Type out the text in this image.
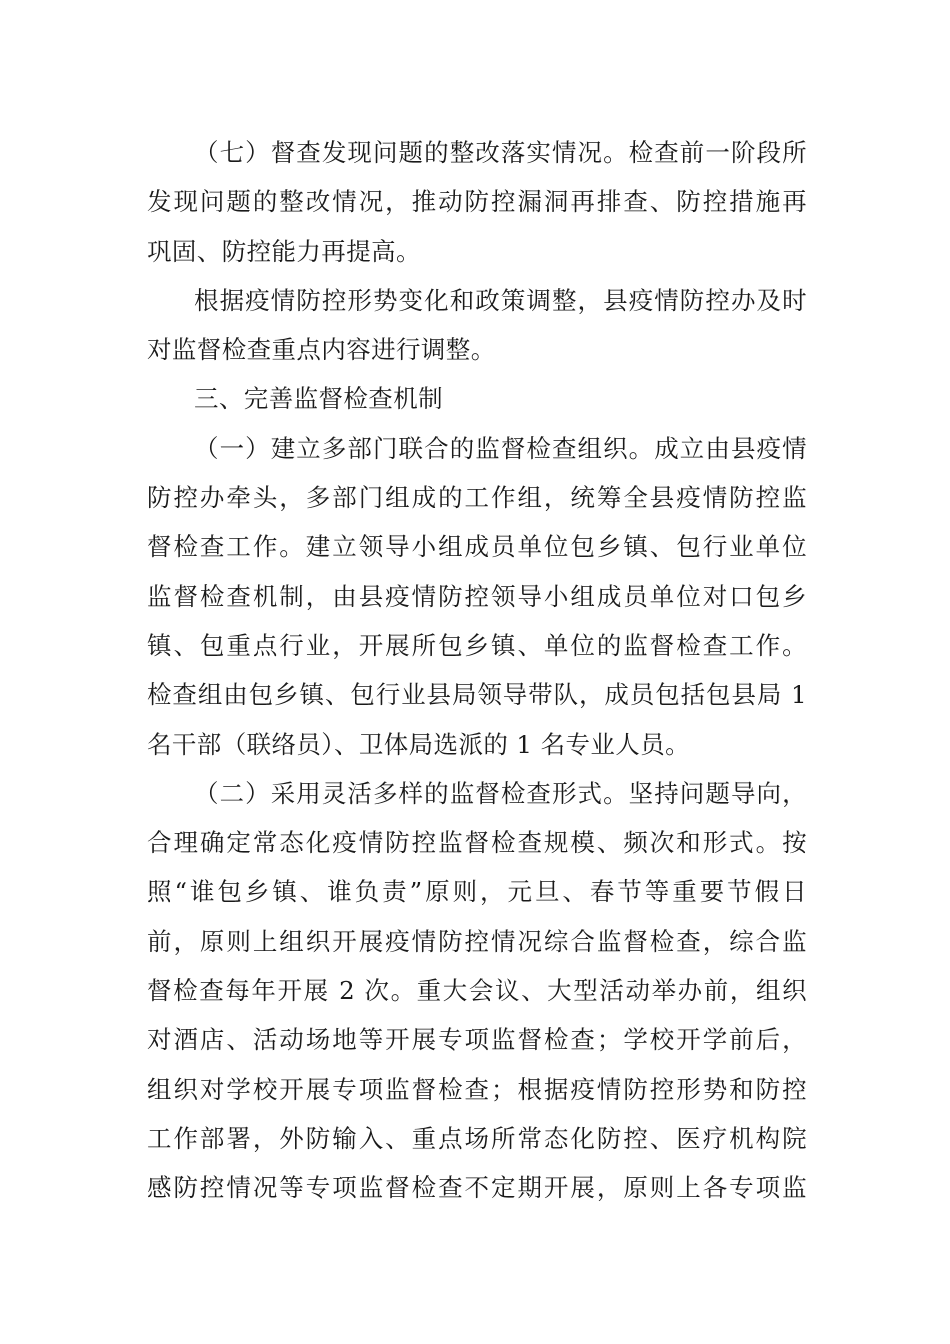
（七）督查发现问题的整改落实情况。检查前一阶段所
发现问题的整改情况，推动防控漏洞再排查、防控措施再
巩固、防控能力再提高。
根据疫情防控形势变化和政策调整，县疫情防控办及时
对监督检查重点内容进行调整。
三、完善监督检查机制
（一）建立多部门联合的监督检查组织。成立由县疫情
防控办牵头，多部门组成的工作组，统筹全县疫情防控监
督检查工作。建立领导小组成员单位包乡镇、包行业单位
监督检查机制，由县疫情防控领导小组成员单位对口包乡
镇、包重点行业，开展所包乡镇、单位的监督检查工作。
检查组由包乡镇、包行业县局领导带队，成员包括包县局 1
名干部（联络员）、卫体局选派的 1 名专业人员。
（二）采用灵活多样的监督检查形式。坚持问题导向，
合理确定常态化疫情防控监督检查规模、频次和形式。按
照“谁包乡镇、谁负责”原则，元旦、春节等重要节假日
前，原则上组织开展疫情防控情况综合监督检查，综合监
督检查每年开展 2 次。重大会议、大型活动举办前，组织
对酒店、活动场地等开展专项监督检查；学校开学前后，
组织对学校开展专项监督检查；根据疫情防控形势和防控
工作部署，外防输入、重点场所常态化防控、医疗机构院
感防控情况等专项监督检查不定期开展，原则上各专项监
